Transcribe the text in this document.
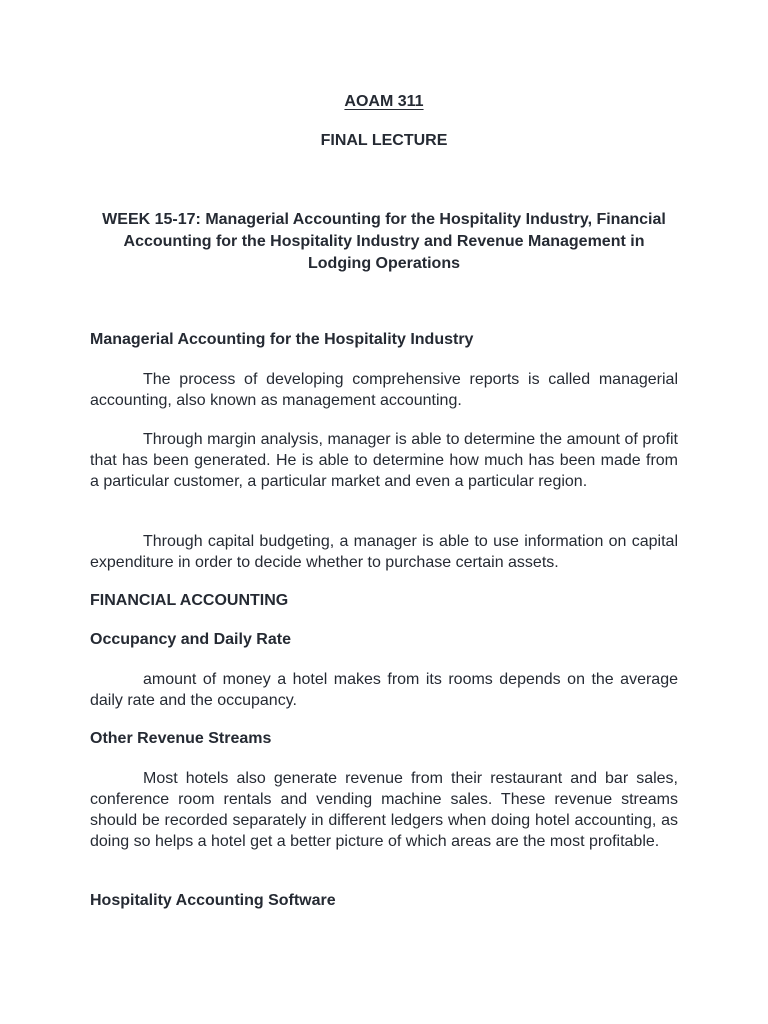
AOAM 311
FINAL LECTURE
WEEK 15-17: Managerial Accounting for the Hospitality Industry, Financial Accounting for the Hospitality Industry and Revenue Management in Lodging Operations
Managerial Accounting for the Hospitality Industry

The process of developing comprehensive reports is called managerial accounting, also known as management accounting.

Through margin analysis, manager is able to determine the amount of profit that has been generated. He is able to determine how much has been made from a particular customer, a particular market and even a particular region.

Through capital budgeting, a manager is able to use information on capital expenditure in order to decide whether to purchase certain assets.

FINANCIAL ACCOUNTING
Occupancy and Daily Rate

amount of money a hotel makes from its rooms depends on the average daily rate and the occupancy.

Other Revenue Streams

Most hotels also generate revenue from their restaurant and bar sales, conference room rentals and vending machine sales. These revenue streams should be recorded separately in different ledgers when doing hotel accounting, as doing so helps a hotel get a better picture of which areas are the most profitable.

Hospitality Accounting Software
